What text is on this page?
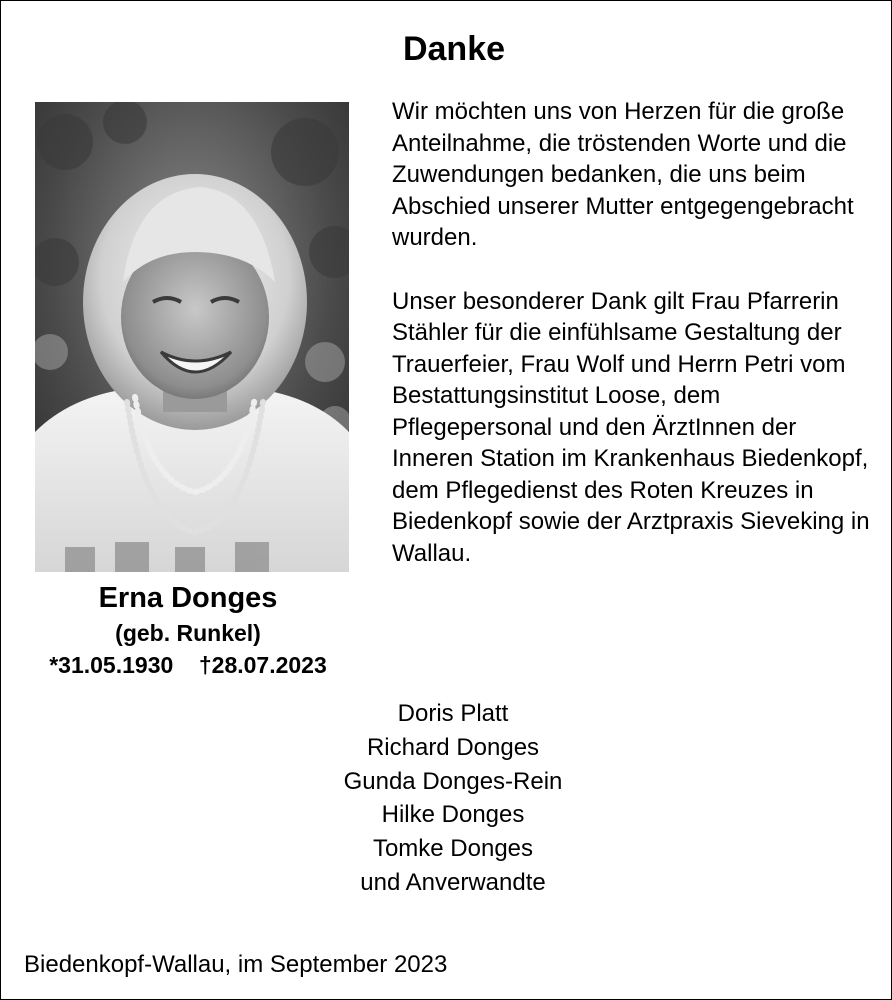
Danke
Erna Donges
(geb. Runkel)
*31.05.1930 †28.07.2023

Wir möchten uns von Herzen für die große Anteilnahme, die tröstenden Worte und die Zuwendungen bedanken, die uns beim Abschied unserer Mutter entgegengebracht wurden.

Unser besonderer Dank gilt Frau Pfarrerin Stähler für die einfühlsame Gestaltung der Trauerfeier, Frau Wolf und Herrn Petri vom Bestattungsinstitut Loose, dem Pflegepersonal und den ÄrztInnen der Inneren Station im Krankenhaus Biedenkopf, dem Pflegedienst des Roten Kreuzes in Biedenkopf sowie der Arztpraxis Sieveking in Wallau.

Doris Platt
Richard Donges
Gunda Donges-Rein
Hilke Donges
Tomke Donges
und Anverwandte
Biedenkopf-Wallau, im September 2023
